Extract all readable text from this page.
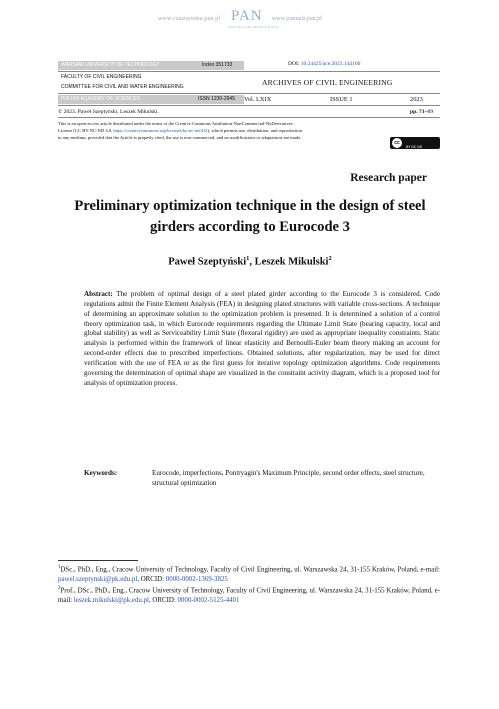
www.czasopisma.pan.pl PAN
POLSKA AKADEMIA NAUK
www.journals.pan.pl
WARSAW UNIVERSITY OF TECHNOLOGY	Index 351733	DOI: 10.24425/ace.2023.144160
FACULTY OF CIVIL ENGINEERING
COMMITTEE FOR CIVIL AND WATER ENGINEERING	ARCHIVES OF CIVIL ENGINEERING
POLISH ACADEMY OF SCIENCES	ISSN 1230-2945 Vol. LXIX	ISSUE 1	2023
© 2023. Paweł Szeptyński, Leszek Mikulski.	pp. 71–89
This is an open-access article distributed under the terms of the Creative Commons Attribution-NonCommercial-NoDerivatives
License (CC BY-NC-ND 4.0, https://creativecommons.org/licenses/by-nc-nd/4.0/), which permits use, distribution, and reproduction
in any medium, provided that the Article is properly cited, the use is non-commercial, and no modifications or adaptations are made.
cc
BY NC ND
Research paper
Preliminary optimization technique in the design of steel
girders according to Eurocode 3
Paweł Szeptyński$^1$, Leszek Mikulski$^2$
Abstract: The problem of optimal design of a steel plated girder according to the Eurocode 3 is considered. Code regulations admit the Finite Element Analysis (FEA) in designing plated structures with variable cross-sections. A technique of determining an approximate solution to the optimization problem is presented. It is determined a solution of a control theory optimization task, in which Eurocode requirements regarding the Ultimate Limit State (bearing capacity, local and global stability) as well as Serviceability Limit State (flexural rigidity) are used as appropriate inequality constraints. Static analysis is performed within the framework of linear elasticity and Bernoulli-Euler beam theory making an account for second-order effects due to prescribed imperfections. Obtained solutions, after regularization, may be used for direct verification with the use of FEA or as the first guess for iterative topology optimization algorithms. Code requirements governing the determination of optimal shape are visualized in the constraint activity diagram, which is a proposed tool for analysis of optimization process.
Keywords:	Eurocode, imperfections, Pontryagin's Maximum Principle, second order effects, steel structure, structural optimization
$^1$DSc., PhD., Eng., Cracow University of Technology, Faculty of Civil Engineering, ul. Warszawska 24, 31-155 Kraków, Poland, e-mail: pawel.szeptynski@pk.edu.pl, ORCID: 0000-0002-1369-3825
$^2$Prof., DSc., PhD., Eng., Cracow University of Technology, Faculty of Civil Engineering, ul. Warszawska 24, 31-155 Kraków, Poland, e-mail: leszek.mikulski@pk.edu.pl, ORCID: 0000-0002-5125-4401
